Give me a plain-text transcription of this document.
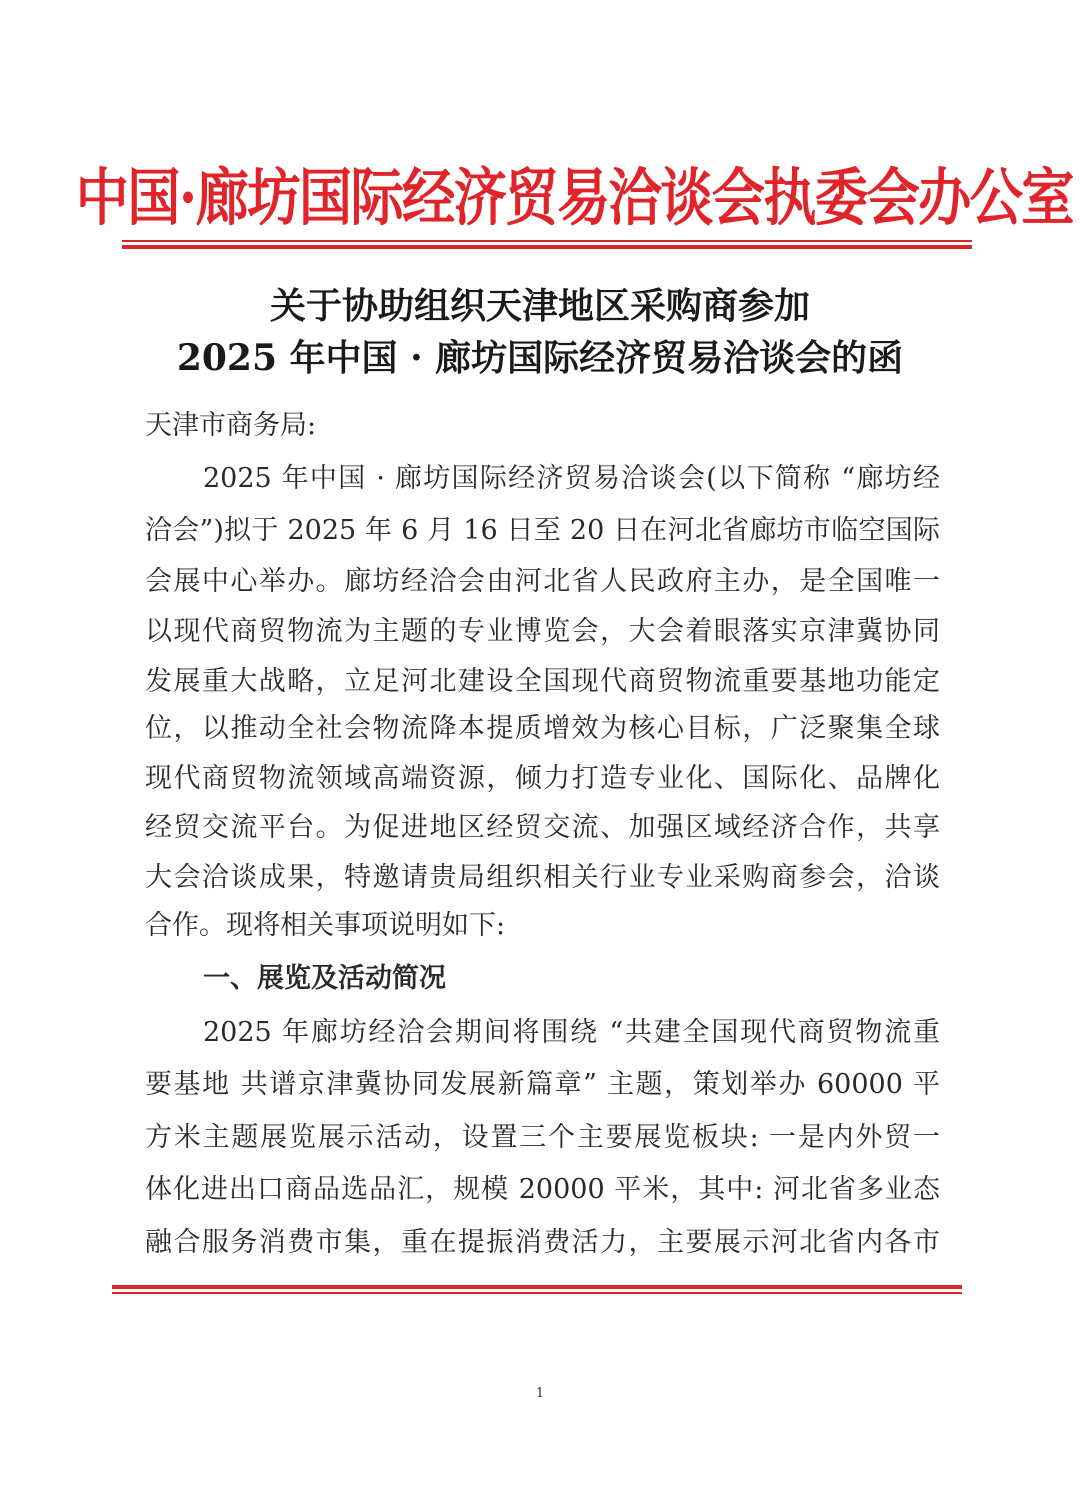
中国·廊坊国际经济贸易洽谈会执委会办公室
关于协助组织天津地区采购商参加
2025 年中国 · 廊坊国际经济贸易洽谈会的函
天津市商务局:
2025 年中国 · 廊坊国际经济贸易洽谈会(以下简称 “廊坊经
洽会”)拟于 2025 年 6 月 16 日至 20 日在河北省廊坊市临空国际
会展中心举办。廊坊经洽会由河北省人民政府主办，是全国唯一
以现代商贸物流为主题的专业博览会，大会着眼落实京津冀协同
发展重大战略，立足河北建设全国现代商贸物流重要基地功能定
位，以推动全社会物流降本提质增效为核心目标，广泛聚集全球
现代商贸物流领域高端资源，倾力打造专业化、国际化、品牌化
经贸交流平台。为促进地区经贸交流、加强区域经济合作，共享
大会洽谈成果，特邀请贵局组织相关行业专业采购商参会，洽谈
合作。现将相关事项说明如下:
一、展览及活动简况
2025 年廊坊经洽会期间将围绕 “共建全国现代商贸物流重
要基地 共谱京津冀协同发展新篇章” 主题，策划举办 60000 平
方米主题展览展示活动，设置三个主要展览板块: 一是内外贸一
体化进出口商品选品汇，规模 20000 平米，其中: 河北省多业态
融合服务消费市集，重在提振消费活力，主要展示河北省内各市
1
